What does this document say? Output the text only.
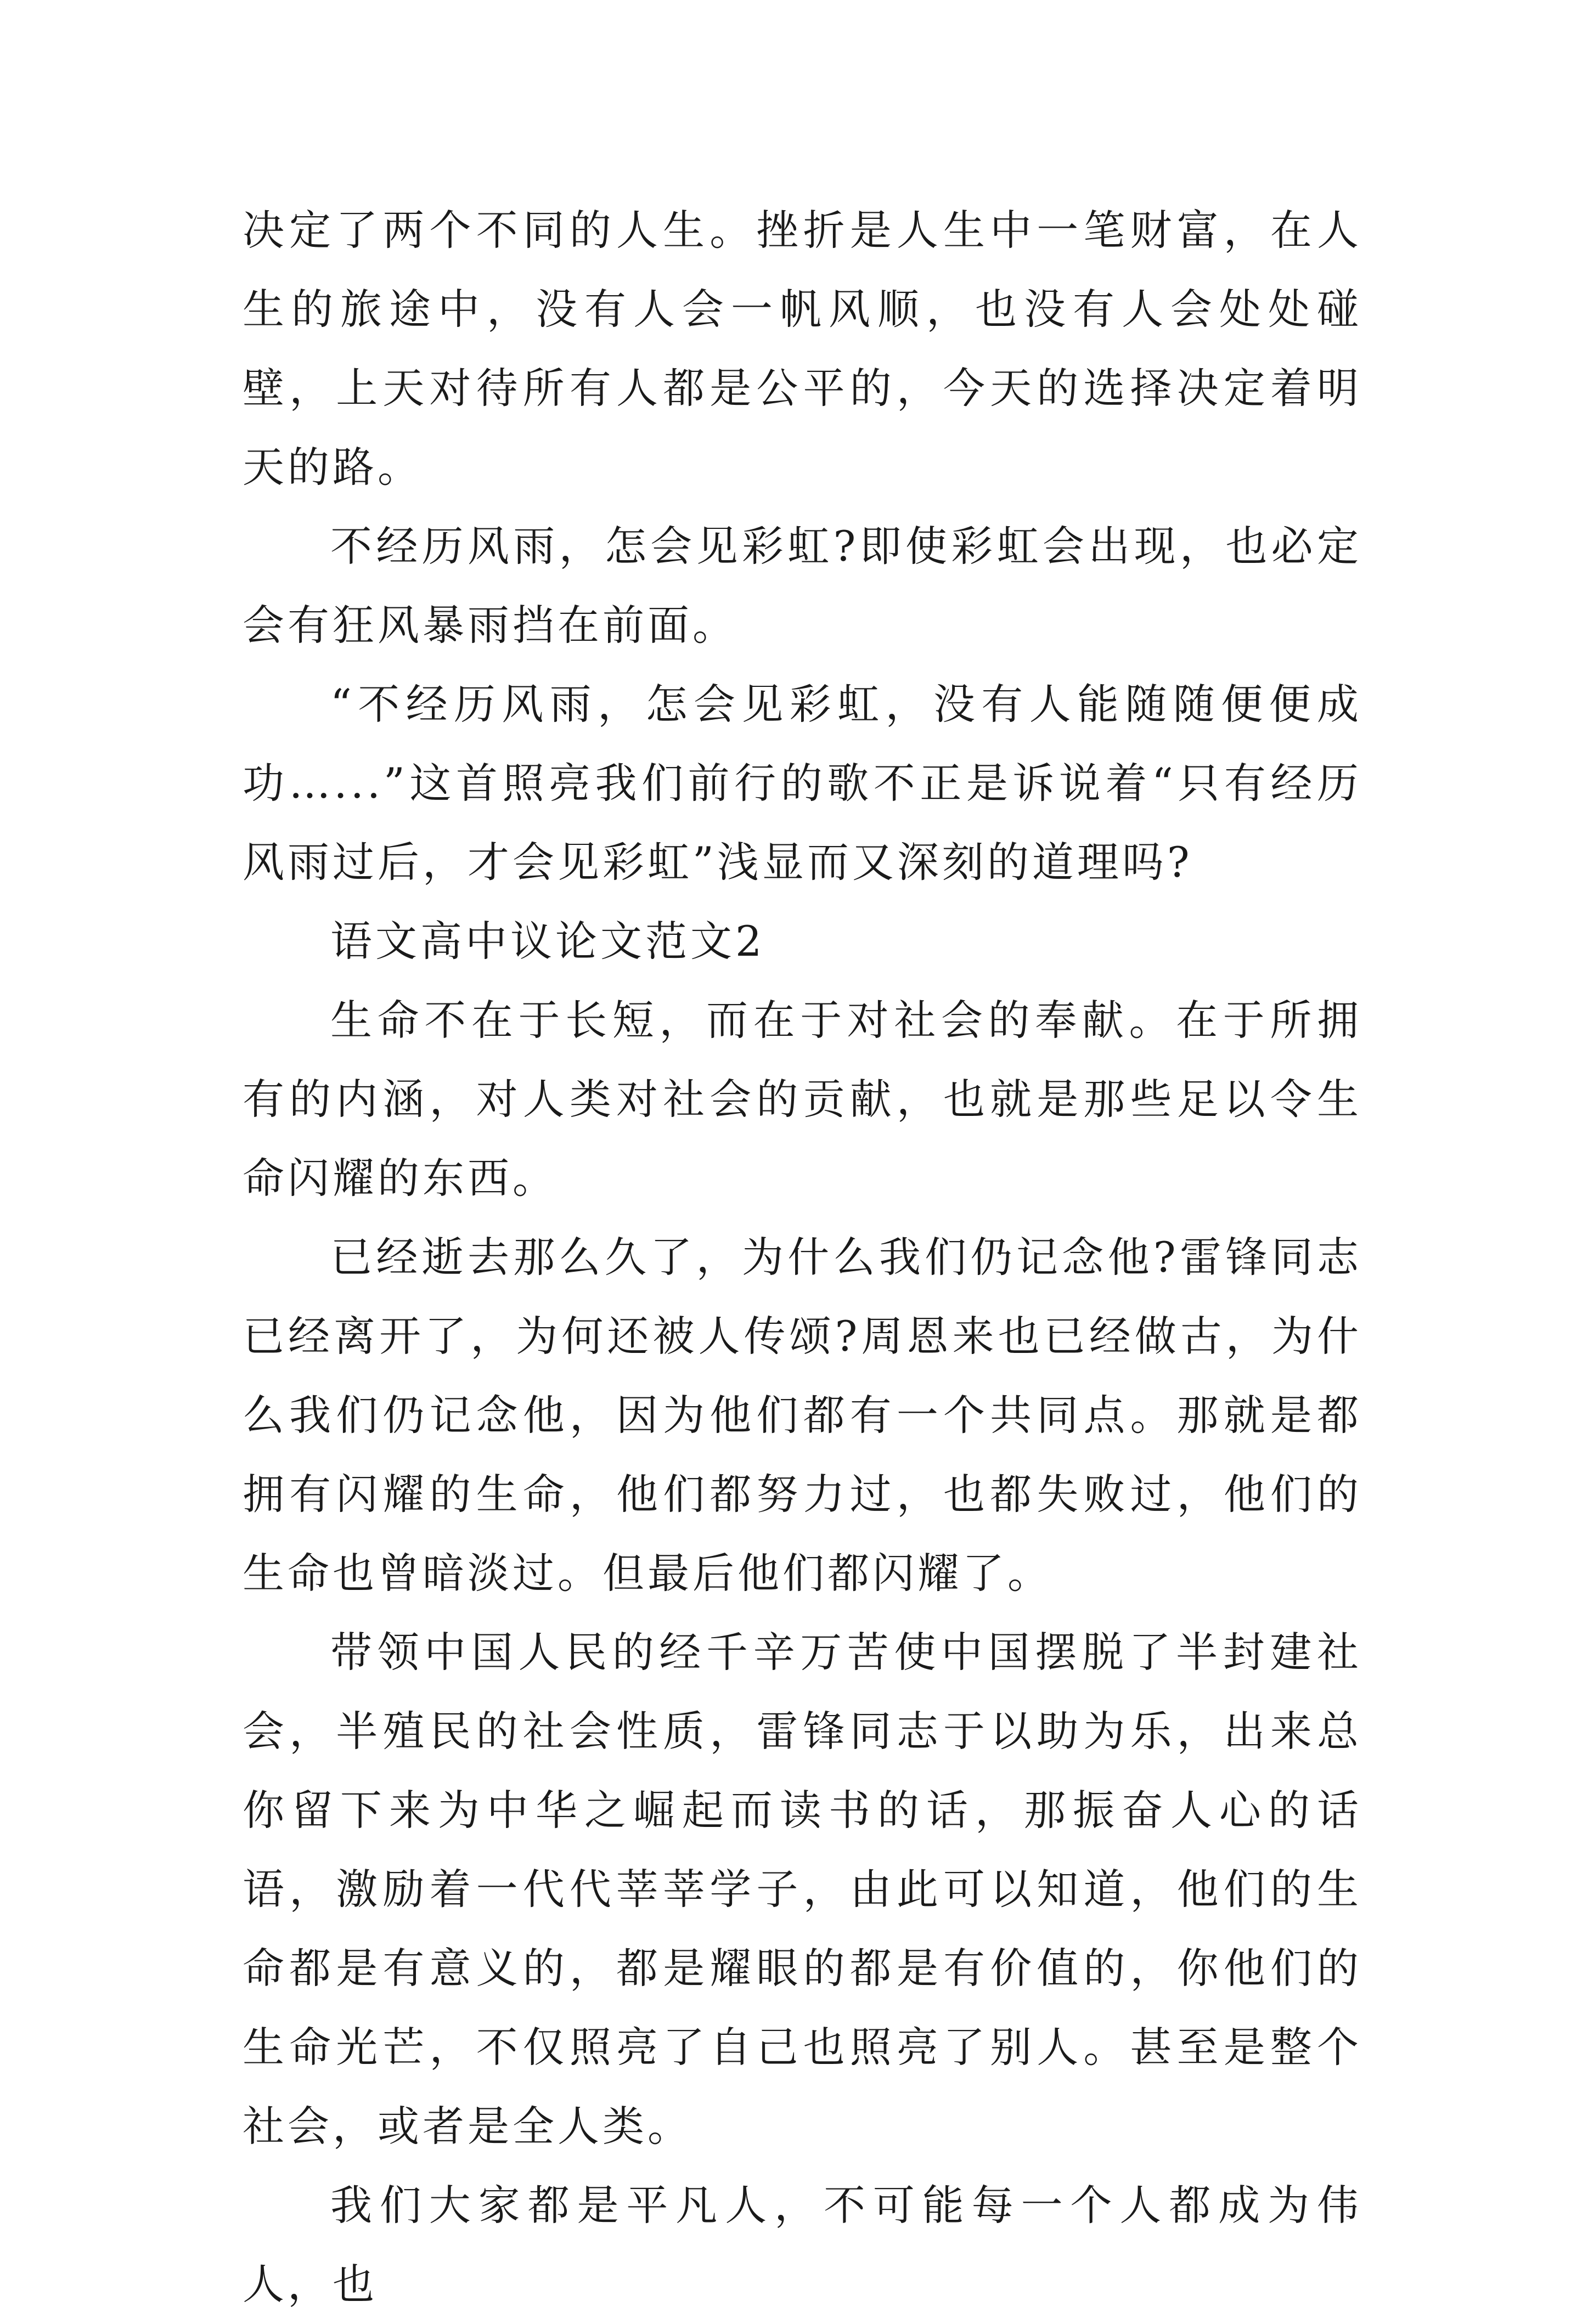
决定了两个不同的人生。挫折是人生中一笔财富，在人生的旅途中，没有人会一帆风顺，也没有人会处处碰壁，上天对待所有人都是公平的，今天的选择决定着明天的路。

不经历风雨，怎会见彩虹?即使彩虹会出现，也必定会有狂风暴雨挡在前面。

“不经历风雨，怎会见彩虹，没有人能随随便便成功…...”这首照亮我们前行的歌不正是诉说着“只有经历风雨过后，才会见彩虹”浅显而又深刻的道理吗?

语文高中议论文范文2

生命不在于长短，而在于对社会的奉献。在于所拥有的内涵，对人类对社会的贡献，也就是那些足以令生命闪耀的东西。

已经逝去那么久了，为什么我们仍记念他?雷锋同志已经离开了，为何还被人传颂?周恩来也已经做古，为什么我们仍记念他，因为他们都有一个共同点。那就是都拥有闪耀的生命，他们都努力过，也都失败过，他们的生命也曾暗淡过。但最后他们都闪耀了。

带领中国人民的经千辛万苦使中国摆脱了半封建社会，半殖民的社会性质，雷锋同志于以助为乐，出来总你留下来为中华之崛起而读书的话，那振奋人心的话语，激励着一代代莘莘学子，由此可以知道，他们的生命都是有意义的，都是耀眼的都是有价值的，你他们的生命光芒，不仅照亮了自己也照亮了别人。甚至是整个社会，或者是全人类。

我们大家都是平凡人，不可能每一个人都成为伟人，也
